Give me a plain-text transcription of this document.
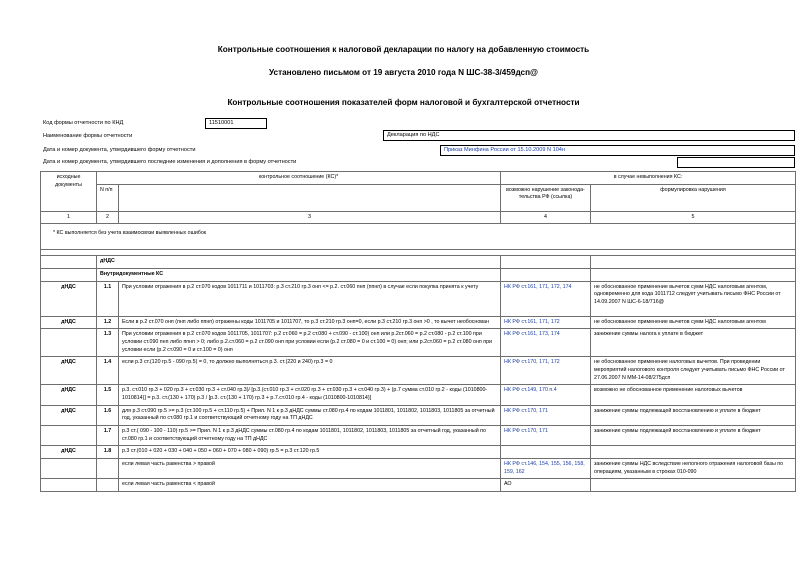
Контрольные соотношения к налоговой декларации по налогу на добавленную стоимость
Установлено письмом от 19 августа 2010 года N ШС-38-3/459дсп@
Контрольные соотношения показателей форм налоговой и бухгалтерской отчетности
Код формы отчетности по КНД	11510001
Наименование формы отчетности	Декларация по НДС
Дата и номер документа, утвердившего форму отчетности	Приказ Минфина России от 15.10.2009 N 104н
Дата и номер документа, утвердившего последние изменения и дополнения в форму отчетности
исходные документы	контрольное соотношение (КС)*		в случае невыполнения КС:	
	N п/п		возможно нарушение законода-тельства РФ (ссылка)	формулировка нарушения
1	2	3	4	5
* КС выполняется без учета взаимосвязи выявленных ошибок				

	дНДС			
	Внутридокументные КС			
дНДС	1.1	При условии отражения в р.2 ст.070 кодов 1011711 и 1011703: р.3 ст.210 гр.3 онп <= р.2. ст.060 пнп (ппнп) в случае если покупка принята к учету	НК РФ ст.161, 171, 172, 174	не обоснованное применение вычетов сумм НДС налоговым агентом, одновременно для кода 1011712 следует учитывать письмо ФНС России от 14.09.2007 N ШС-6-18/716@
дНДС	1.2	Если в р.2 ст.070 онп (пнп либо ппнп) отражены коды 1011705 и 1011707, то р.3 ст.210 гр.3 онп=0, если р.3 ст.210 гр.3 онп >0 , то вычет необоснован	НК РФ ст.161, 171, 172	не обоснованное применение вычетов сумм НДС налоговым агентом
	1.3	При условии отражения в р.2 ст.070 кодов 1011705, 1011707: р.2 ст.060 = р.2 ст.080 + ст.090 - ст.100) онп или р.2ст.060 = р.2 ст.080 - р.2 ст.100 при условии ст.090 пнп либо ппнп > 0; либо р.2.ст.060 = р.2 ст.090 онп при условии если (р.2 ст.080 = 0 и ст.100 = 0) онп; или р.2ст.060 = р.2 ст.080 онп при условии если (р.2 ст.090 = 0 и ст.100 = 0) онп	НК РФ ст.161, 173, 174	занижение суммы налога к уплате в бюджет
дНДС	1.4	если р.3 ст.(120 гр.5 - 090 гр.5) = 0, то должно выполняться р.3. ст.(220 и 240) гр.3 = 0	НК РФ ст.170, 171, 172	не обоснованное применение налоговых вычетов. При проведении мероприятий налогового контроля следует учитывать письмо ФНС России от 27.06.2007 N ММ-14-08/275дсп
дНДС	1.5	р.3. ст.010 гр.3 + 020 гр.3 + ст.030 гр.3 + ст.040 гр.3)/ [р.3.(ст.010 гр.3 + ст.020 гр.3 + ст.030 гр.3 + ст.040 гр.3) + (р.7 сумма ст.010 гр.2 - коды (1010800- 1010814)] = р.3. ст.(130 + 170) р.3 / [р.3. ст.(130 + 170) гр.3 + р.7.ст.010 гр.4 - коды (1010800-1010814)]	НК РФ ст.149, 170 п.4	возможно не обоснованное применение налоговых вычетов
дНДС	1.6	для р.3 ст.090 гр.5 >= р.3 (ст.100 гр.5 + ст.110 гр.5) + Прил. N 1 к р.3 дНДС суммы ст.080 гр.4 по кодам 1011801, 1011802, 1011803, 1011805 за отчетный год, указанный по ст.080 гр.1 и соответствующий отчетному году на ТП дНДС	НК РФ ст.170, 171	занижение суммы подлежащей восстановлению и уплате в бюджет
	1.7	р.3 ст.( 090 - 100 - 110) гр.5 >= Прил. N 1 к р.3 дНДС суммы ст.080 гр.4 по кодам 1011801, 1011802, 1011803, 1011805 за отчетный год, указанный по ст.080 гр.1 и соответствующий отчетному году на ТП дНДС	НК РФ ст.170, 171	занижение суммы подлежащей восстановлению и уплате в бюджет
дНДС	1.8	р.3 ст.(010 + 020 + 030 + 040 + 050 + 060 + 070 + 080 + 090) гр.5 = р.3 ст.120 гр.5		
		если левая часть равенства > правой	НК РФ ст.146, 154, 155, 156, 158, 159, 162	занижение суммы НДС вследствие неполного отражения налоговой базы по операциям, указанным в строках 010-090
		если левая часть равенства < правой	АО	
